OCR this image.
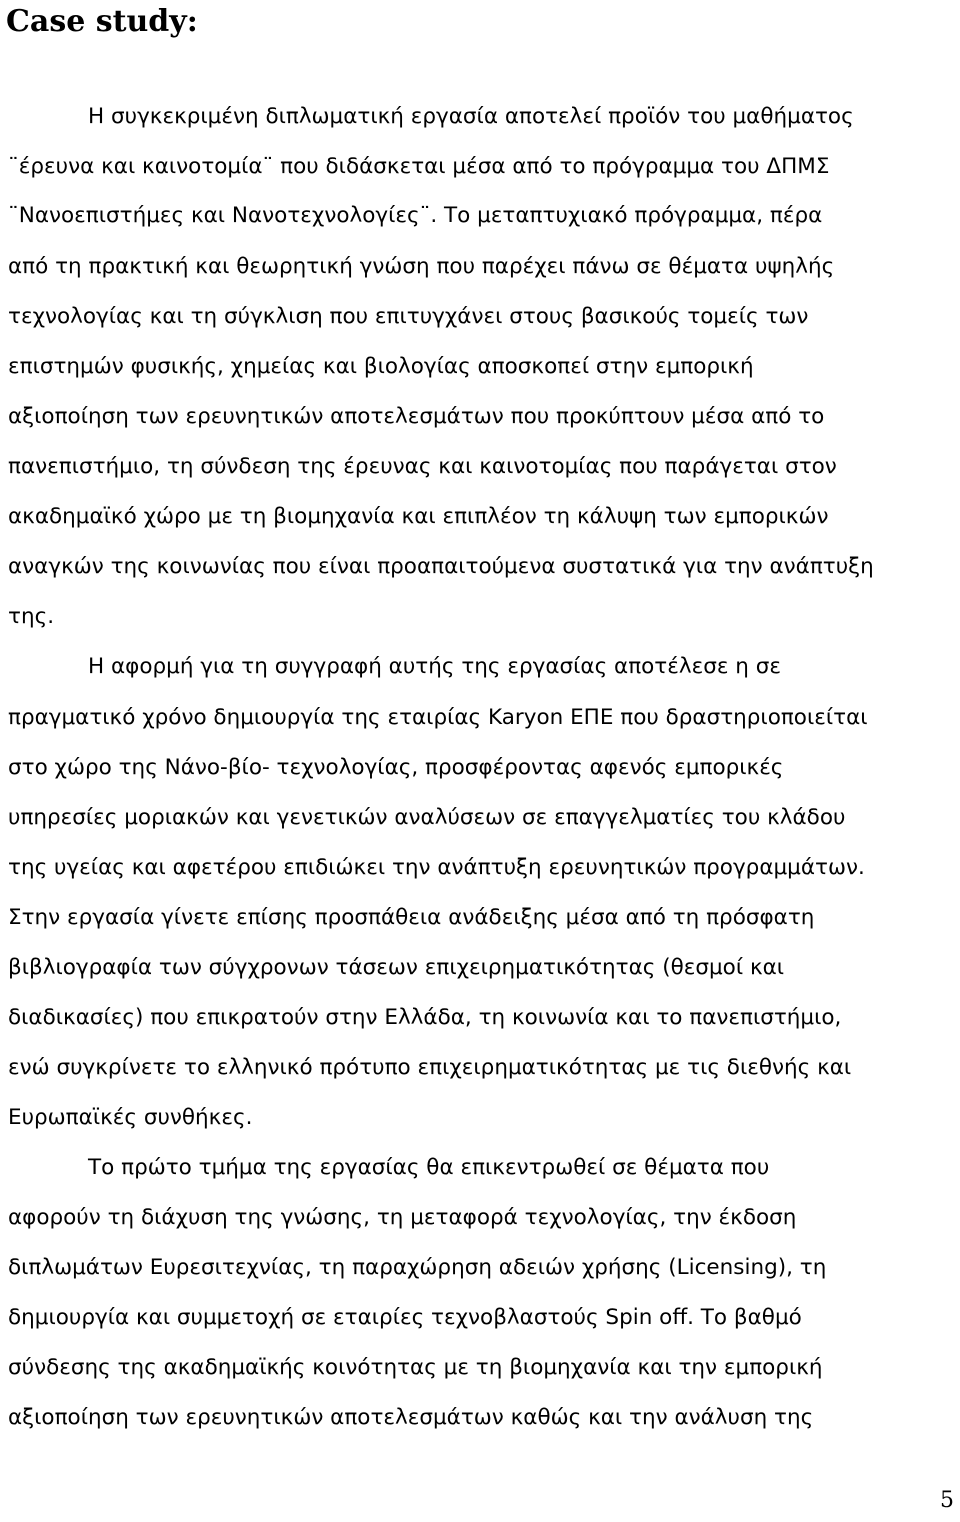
Case study:

Η συγκεκριμένη διπλωματική εργασία αποτελεί προϊόν του μαθήματος

¨έρευνα και καινοτομία¨ που διδάσκεται μέσα από το πρόγραμμα του ΔΠΜΣ

¨Νανοεπιστήμες και Νανοτεχνολογίες¨. Το μεταπτυχιακό πρόγραμμα, πέρα

από τη πρακτική και θεωρητική γνώση που παρέχει πάνω σε θέματα υψηλής

τεχνολογίας και τη σύγκλιση που επιτυγχάνει στους βασικούς τομείς των

επιστημών φυσικής, χημείας και βιολογίας αποσκοπεί στην εμπορική

αξιοποίηση των ερευνητικών αποτελεσμάτων που προκύπτουν μέσα από το

πανεπιστήμιο, τη σύνδεση της έρευνας και καινοτομίας που παράγεται στον

ακαδημαϊκό χώρο με τη βιομηχανία και επιπλέον τη κάλυψη των εμπορικών

αναγκών της κοινωνίας που είναι προαπαιτούμενα συστατικά για την ανάπτυξη

της.

Η αφορμή για τη συγγραφή αυτής της εργασίας αποτέλεσε η σε

πραγματικό χρόνο δημιουργία της εταιρίας Karyon ΕΠΕ που δραστηριοποιείται

στο χώρο της Νάνο-βίο- τεχνολογίας, προσφέροντας αφενός εμπορικές

υπηρεσίες μοριακών και γενετικών αναλύσεων σε επαγγελματίες του κλάδου

της υγείας και αφετέρου επιδιώκει την ανάπτυξη ερευνητικών προγραμμάτων.

Στην εργασία γίνετε επίσης προσπάθεια ανάδειξης μέσα από τη πρόσφατη

βιβλιογραφία των σύγχρονων τάσεων επιχειρηματικότητας (θεσμοί και

διαδικασίες) που επικρατούν στην Ελλάδα, τη κοινωνία και το πανεπιστήμιο,

ενώ συγκρίνετε το ελληνικό πρότυπο επιχειρηματικότητας με τις διεθνής και

Ευρωπαϊκές συνθήκες.

Το πρώτο τμήμα της εργασίας θα επικεντρωθεί σε θέματα που

αφορούν τη διάχυση της γνώσης, τη μεταφορά τεχνολογίας, την έκδοση

διπλωμάτων Ευρεσιτεχνίας, τη παραχώρηση αδειών χρήσης (Licensing), τη

δημιουργία και συμμετοχή σε εταιρίες τεχνοβλαστούς Spin off. Το βαθμό

σύνδεσης της ακαδημαϊκής κοινότητας με τη βιομηχανία και την εμπορική

αξιοποίηση των ερευνητικών αποτελεσμάτων καθώς και την ανάλυση της

5
